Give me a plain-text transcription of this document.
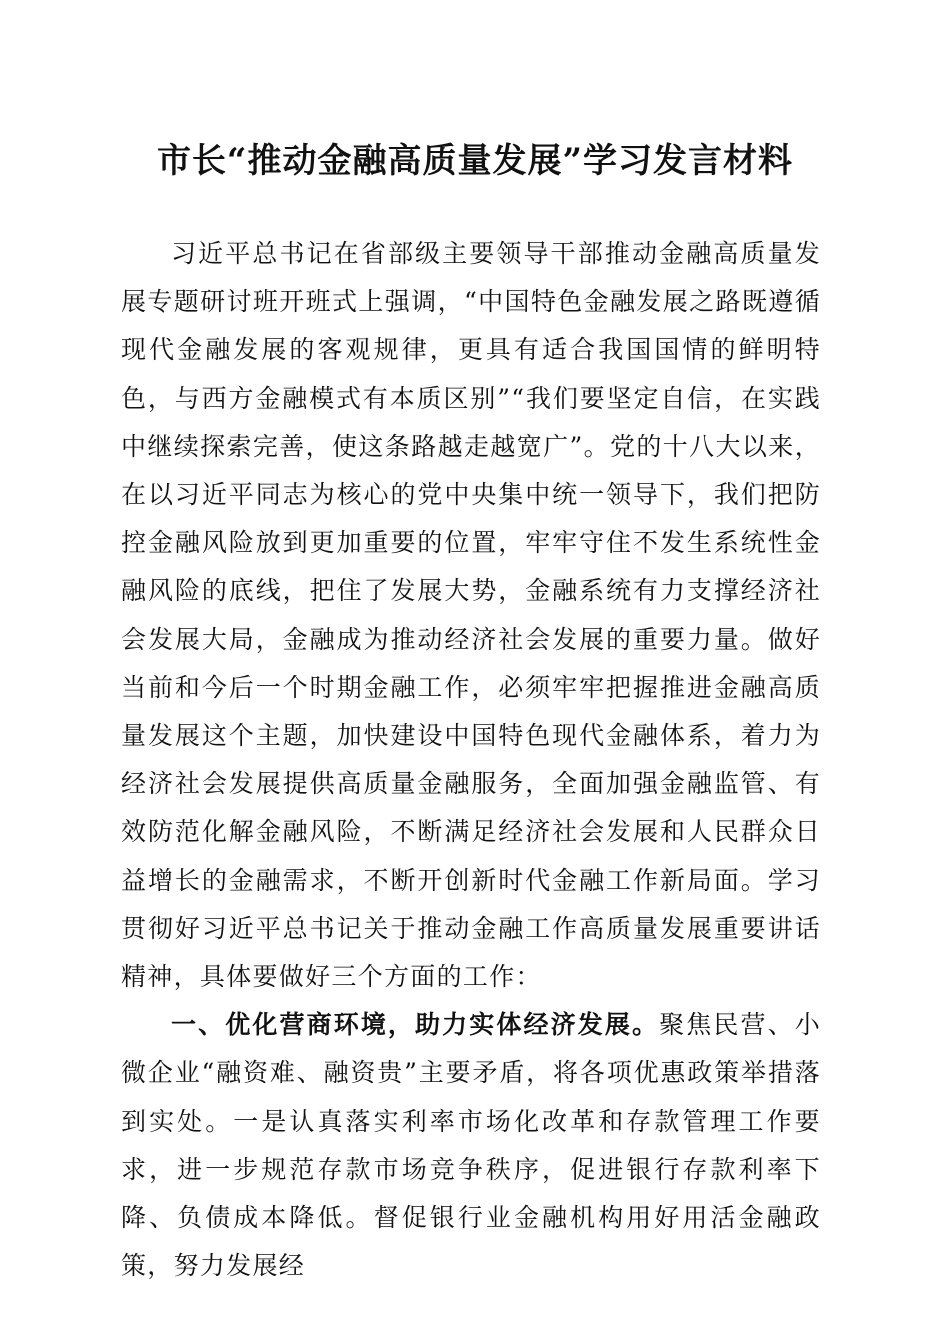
市长“推动金融高质量发展”学习发言材料

习近平总书记在省部级主要领导干部推动金融高质量发展专题研讨班开班式上强调，“中国特色金融发展之路既遵循现代金融发展的客观规律，更具有适合我国国情的鲜明特色，与西方金融模式有本质区别”“我们要坚定自信，在实践中继续探索完善，使这条路越走越宽广”。党的十八大以来，在以习近平同志为核心的党中央集中统一领导下，我们把防控金融风险放到更加重要的位置，牢牢守住不发生系统性金融风险的底线，把住了发展大势，金融系统有力支撑经济社会发展大局，金融成为推动经济社会发展的重要力量。做好当前和今后一个时期金融工作，必须牢牢把握推进金融高质量发展这个主题，加快建设中国特色现代金融体系，着力为经济社会发展提供高质量金融服务，全面加强金融监管、有效防范化解金融风险，不断满足经济社会发展和人民群众日益增长的金融需求，不断开创新时代金融工作新局面。学习贯彻好习近平总书记关于推动金融工作高质量发展重要讲话精神，具体要做好三个方面的工作：

一、优化营商环境，助力实体经济发展。聚焦民营、小微企业“融资难、融资贵”主要矛盾，将各项优惠政策举措落到实处。一是认真落实利率市场化改革和存款管理工作要求，进一步规范存款市场竞争秩序，促进银行存款利率下降、负债成本降低。督促银行业金融机构用好用活金融政策，努力发展经
